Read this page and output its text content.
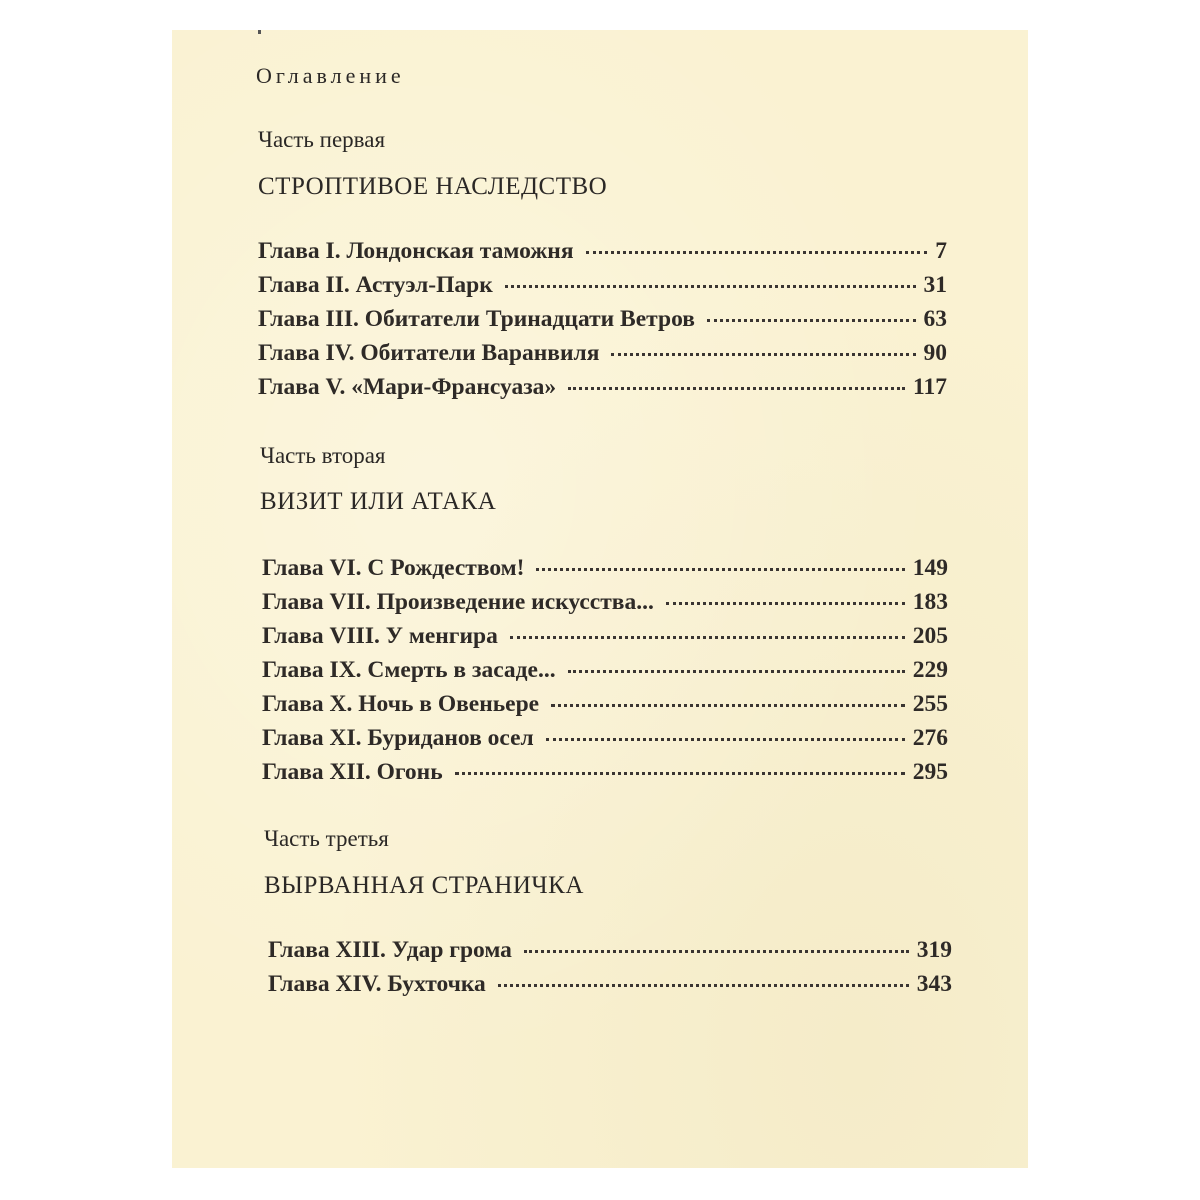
Оглавление
Часть первая
СТРОПТИВОЕ НАСЛЕДСТВО
Глава I. Лондонская таможня	7
Глава II. Астуэл-Парк	31
Глава III. Обитатели Тринадцати Ветров	63
Глава IV. Обитатели Варанвиля	90
Глава V. «Мари-Франсуаза»	117
Часть вторая
ВИЗИТ ИЛИ АТАКА
Глава VI. С Рождеством!	149
Глава VII. Произведение искусства...	183
Глава VIII. У менгира	205
Глава IX. Смерть в засаде...	229
Глава X. Ночь в Овеньере	255
Глава XI. Буриданов осел	276
Глава XII. Огонь	295
Часть третья
ВЫРВАННАЯ СТРАНИЧКА
Глава XIII. Удар грома	319
Глава XIV. Бухточка	343
